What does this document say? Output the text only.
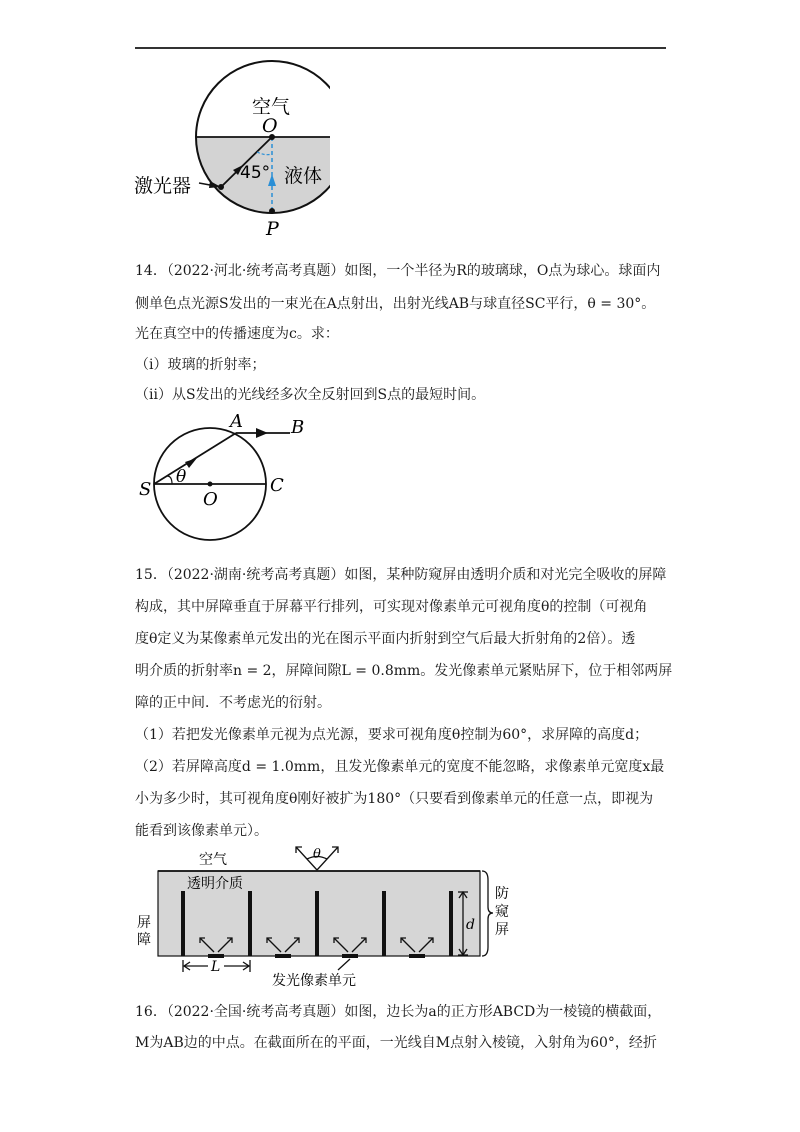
空气
O
45° 液体
激光器
P
14．（2022·河北·统考高考真题）如图，一个半径为R的玻璃球，O点为球心。球面内
侧单色点光源S发出的一束光在A点射出，出射光线AB与球直径SC平行，θ = 30°。
光在真空中的传播速度为c。求：
（i）玻璃的折射率；
（ii）从S发出的光线经多次全反射回到S点的最短时间。
A	B
S
θ
O
C
15．（2022·湖南·统考高考真题）如图，某种防窥屏由透明介质和对光完全吸收的屏障
构成，其中屏障垂直于屏幕平行排列，可实现对像素单元可视角度θ的控制（可视角
度θ定义为某像素单元发出的光在图示平面内折射到空气后最大折射角的2倍）。透
明介质的折射率n = 2，屏障间隙L = 0.8mm。发光像素单元紧贴屏下，位于相邻两屏
障的正中间．不考虑光的衍射。
（1）若把发光像素单元视为点光源，要求可视角度θ控制为60°，求屏障的高度d；
（2）若屏障高度d = 1.0mm，且发光像素单元的宽度不能忽略，求像素单元宽度x最
小为多少时，其可视角度θ刚好被扩为180°（只要看到像素单元的任意一点，即视为
能看到该像素单元）。
空气	θ
透明介质
屏
障
d
防
窥
屏
L
发光像素单元
16．（2022·全国·统考高考真题）如图，边长为a的正方形ABCD为一棱镜的横截面，
M为AB边的中点。在截面所在的平面，一光线自M点射入棱镜，入射角为60°，经折
